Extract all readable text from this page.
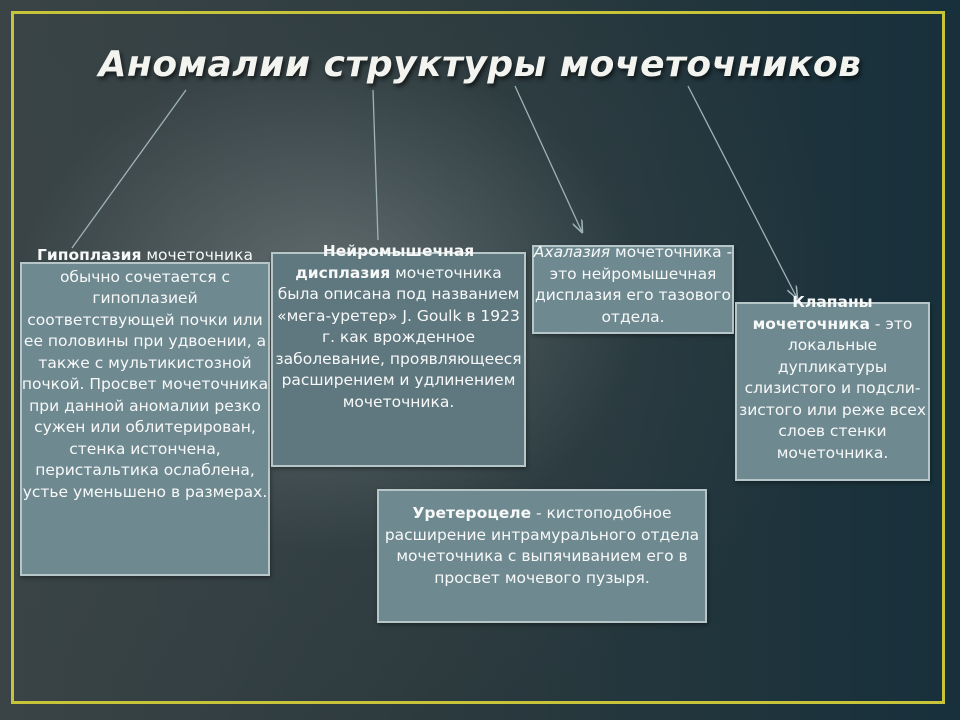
Аномалии структуры мочеточников
Гипоплазия мочеточника обычно сочетается с гипоплазией соответствующей почки или ее половины при удвоении, а также с мультикистозной почкой. Просвет мочеточника при данной аномалии резко сужен или облитерирован, стенка истончена, перистальтика ослаблена, устье уменьшено в размерах.
Нейромышечная дисплазия мочеточника была описана под названием «мега-уретер» J. Goulk в 1923 г. как врожденное заболевание, проявляющееся расширением и удлинением мочеточника.
Ахалазия мочеточника - это нейромышечная дисплазия его тазового отдела.
Клапаны мочеточника - это локальные дупликатуры слизистого и подсли-зистого или реже всех слоев стенки мочеточника.
Уретероцеле - кистоподобное расширение интрамурального отдела мочеточника с выпячиванием его в просвет мочевого пузыря.
